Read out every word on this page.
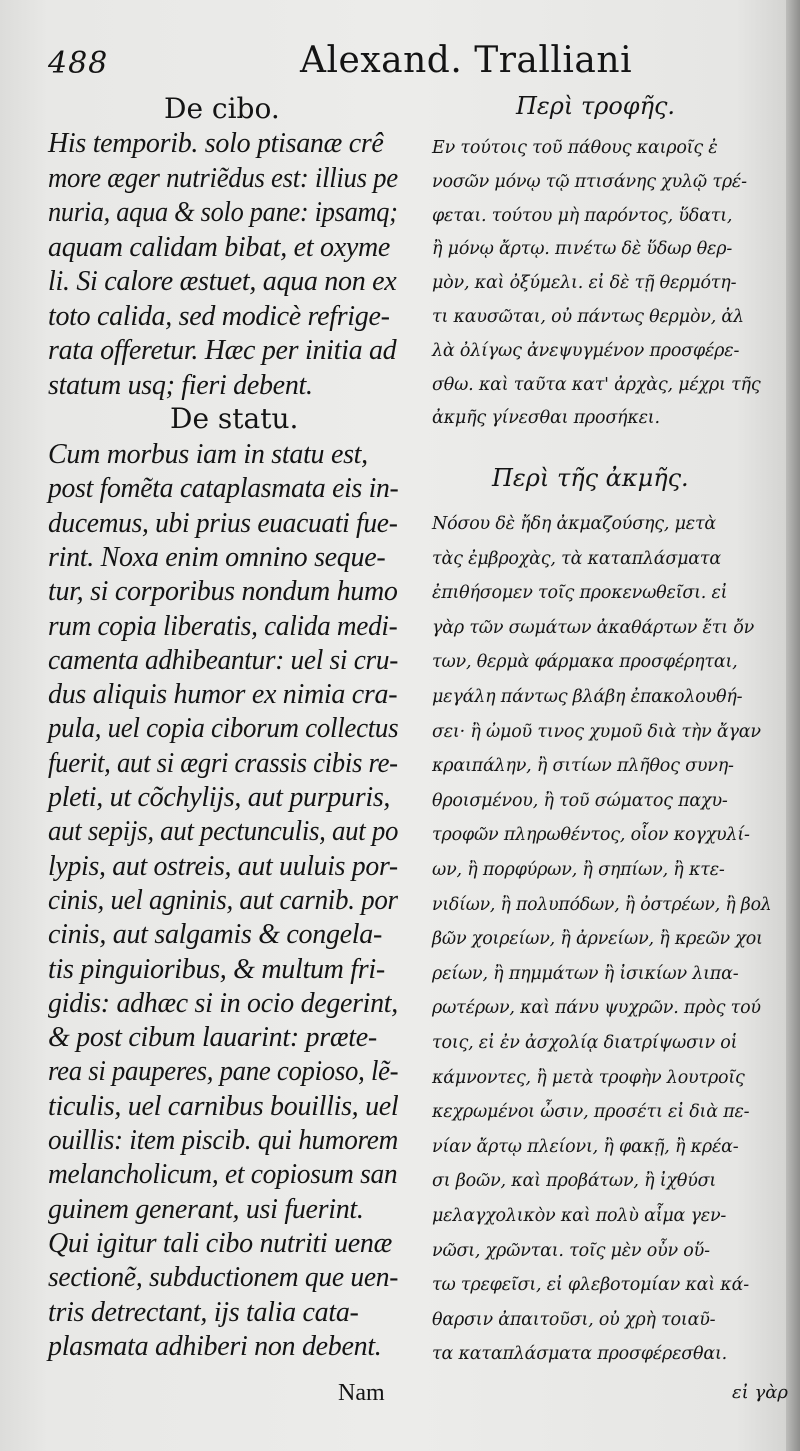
488	Alexand. Tralliani
De cibo.
De statu.
Nam
His temporib. solo ptisanæ crê
more æger nutriẽdus est: illius pe
nuria, aqua & solo pane: ipsamq;
aquam calidam bibat, et oxyme
li. Si calore æstuet, aqua non ex
toto calida, sed modicè refrige-
rata offeretur. Hæc per initia ad
statum usq; fieri debent.
Cum morbus iam in statu est,
post fomẽta cataplasmata eis in-
ducemus, ubi prius euacuati fue-
rint. Noxa enim omnino seque-
tur, si corporibus nondum humo
rum copia liberatis, calida medi-
camenta adhibeantur: uel si cru-
dus aliquis humor ex nimia cra-
pula, uel copia ciborum collectus
fuerit, aut si ægri crassis cibis re-
pleti, ut cõchylijs, aut purpuris,
aut sepijs, aut pectunculis, aut po
lypis, aut ostreis, aut uuluis por-
cinis, uel agninis, aut carnib. por
cinis, aut salgamis & congela-
tis pinguioribus, & multum fri-
gidis: adhæc si in ocio degerint,
& post cibum lauarint: præte-
rea si pauperes, pane copioso, lẽ-
ticulis, uel carnibus bouillis, uel
ouillis: item piscib. qui humorem
melancholicum, et copiosum san
guinem generant, usi fuerint.
Qui igitur tali cibo nutriti uenæ
sectionẽ, subductionem que uen-
tris detrectant, ijs talia cata-
plasmata adhiberi non debent.
Περὶ τροφῆς.
Περὶ τῆς ἀκμῆς.
εἰ γὰρ
Εν τούτοις τοῦ πάθους καιροῖς ἐ
νοσῶν μόνῳ τῷ πτισάνης χυλῷ τρέ-
φεται. τούτου μὴ παρόντος, ὕδατι,
ἢ μόνῳ ἄρτῳ. πινέτω δὲ ὕδωρ θερ-
μὸν, καὶ ὀξύμελι. εἰ δὲ τῇ θερμότη-
τι καυσῶται, οὐ πάντως θερμὸν, ἀλ
λὰ ὀλίγως ἀνεψυγμένον προσφέρε-
σθω. καὶ ταῦτα κατ' ἀρχὰς, μέχρι τῆς
ἀκμῆς γίνεσθαι προσήκει.
Νόσου δὲ ἤδη ἀκμαζούσης, μετὰ
τὰς ἐμβροχὰς, τὰ καταπλάσματα
ἐπιθήσομεν τοῖς προκενωθεῖσι. εἰ
γὰρ τῶν σωμάτων ἀκαθάρτων ἔτι ὄν
των, θερμὰ φάρμακα προσφέρηται,
μεγάλη πάντως βλάβη ἐπακολουθή-
σει· ἢ ὠμοῦ τινος χυμοῦ διὰ τὴν ἄγαν
κραιπάλην, ἢ σιτίων πλῆθος συνη-
θροισμένου, ἢ τοῦ σώματος παχυ-
τροφῶν πληρωθέντος, οἷον κογχυλί-
ων, ἢ πορφύρων, ἢ σηπίων, ἢ κτε-
νιδίων, ἢ πολυπόδων, ἢ ὀστρέων, ἢ βολ
βῶν χοιρείων, ἢ ἀρνείων, ἢ κρεῶν χοι
ρείων, ἢ πημμάτων ἢ ἰσικίων λιπα-
ρωτέρων, καὶ πάνυ ψυχρῶν. πρὸς τού
τοις, εἰ ἐν ἀσχολίᾳ διατρίψωσιν οἱ
κάμνοντες, ἢ μετὰ τροφὴν λουτροῖς
κεχρωμένοι ὦσιν, προσέτι εἰ διὰ πε-
νίαν ἄρτῳ πλείονι, ἢ φακῇ, ἢ κρέα-
σι βοῶν, καὶ προβάτων, ἢ ἰχθύσι
μελαγχολικὸν καὶ πολὺ αἷμα γεν-
νῶσι, χρῶνται. τοῖς μὲν οὖν οὕ-
τω τρεφεῖσι, εἰ φλεβοτομίαν καὶ κά-
θαρσιν ἀπαιτοῦσι, οὐ χρὴ τοιαῦ-
τα καταπλάσματα προσφέρεσθαι.
